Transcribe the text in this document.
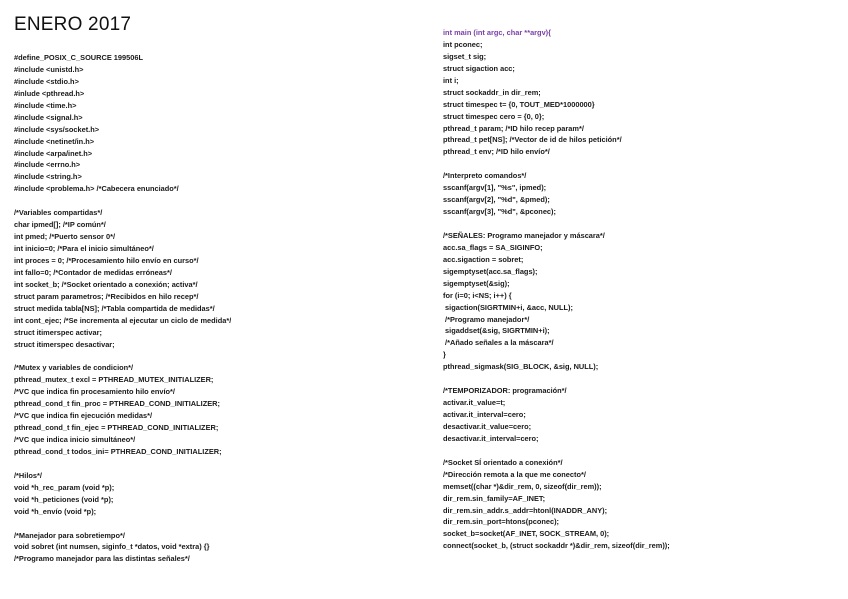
ENERO 2017
#define_POSIX_C_SOURCE 199506L
#include <unistd.h>
#include <stdio.h>
#inlude <pthread.h>
#include <time.h>
#include <signal.h>
#include <sys/socket.h>
#include <netinet/in.h>
#include <arpa/inet.h>
#include <errno.h>
#include <string.h>
#include <problema.h> /*Cabecera enunciado*/
/*Variables compartidas*/
char ipmed[]; /*IP común*/
int pmed; /*Puerto sensor 0*/
int inicio=0; /*Para el inicio simultáneo*/
int proces = 0; /*Procesamiento hilo envío en curso*/
int fallo=0; /*Contador de medidas erróneas*/
int socket_b; /*Socket orientado a conexión; activa*/
struct param parametros; /*Recibidos en hilo recep*/
struct medida tabla[NS]; /*Tabla compartida de medidas*/
int cont_ejec; /*Se incrementa al ejecutar un ciclo de medida*/
struct itimerspec activar;
struct itimerspec desactivar;
/*Mutex y variables de condicion*/
pthread_mutex_t excl = PTHREAD_MUTEX_INITIALIZER;
/*VC que indica fin procesamiento hilo envío*/
pthread_cond_t fin_proc = PTHREAD_COND_INITIALIZER;
/*VC que indica fin ejecución medidas*/
pthread_cond_t fin_ejec = PTHREAD_COND_INITIALIZER;
/*VC que indica inicio simultáneo*/
pthread_cond_t todos_ini= PTHREAD_COND_INITIALIZER;
/*Hilos*/
void *h_rec_param (void *p);
void *h_peticiones (void *p);
void *h_envío (void *p);
/*Manejador para sobretiempo*/
void sobret (int numsen, siginfo_t *datos, void *extra) {}
/*Programo manejador para las distintas señales*/
int main (int argc, char **argv){
int pconec;
sigset_t sig;
struct sigaction acc;
int i;
struct sockaddr_in dir_rem;
struct timespec t= {0, TOUT_MED*1000000}
struct timespec cero = {0, 0};
pthread_t param; /*ID hilo recep param*/
pthread_t pet[NS]; /*Vector de id de hilos petición*/
pthread_t env; /*ID hilo envío*/
/*Interpreto comandos*/
sscanf(argv[1], "%s", ipmed);
sscanf(argv[2], "%d", &pmed);
sscanf(argv[3], "%d", &pconec);
/*SEÑALES: Programo manejador y máscara*/
acc.sa_flags = SA_SIGINFO;
acc.sigaction = sobret;
sigemptyset(acc.sa_flags);
sigemptyset(&sig);
for (i=0; i<NS; i++) {
sigaction(SIGRTMIN+i, &acc, NULL);
/*Programo manejador*/
sigaddset(&sig, SIGRTMIN+i);
/*Añado señales a la máscara*/
}
pthread_sigmask(SIG_BLOCK, &sig, NULL);
/*TEMPORIZADOR: programación*/
activar.it_value=t;
activar.it_interval=cero;
desactivar.it_value=cero;
desactivar.it_interval=cero;
/*Socket SÍ orientado a conexión*/
/*Dirección remota a la que me conecto*/
memset((char *)&dir_rem, 0, sizeof(dir_rem));
dir_rem.sin_family=AF_INET;
dir_rem.sin_addr.s_addr=htonl(INADDR_ANY);
dir_rem.sin_port=htons(pconec);
socket_b=socket(AF_INET, SOCK_STREAM, 0);
connect(socket_b, (struct sockaddr *)&dir_rem, sizeof(dir_rem));
